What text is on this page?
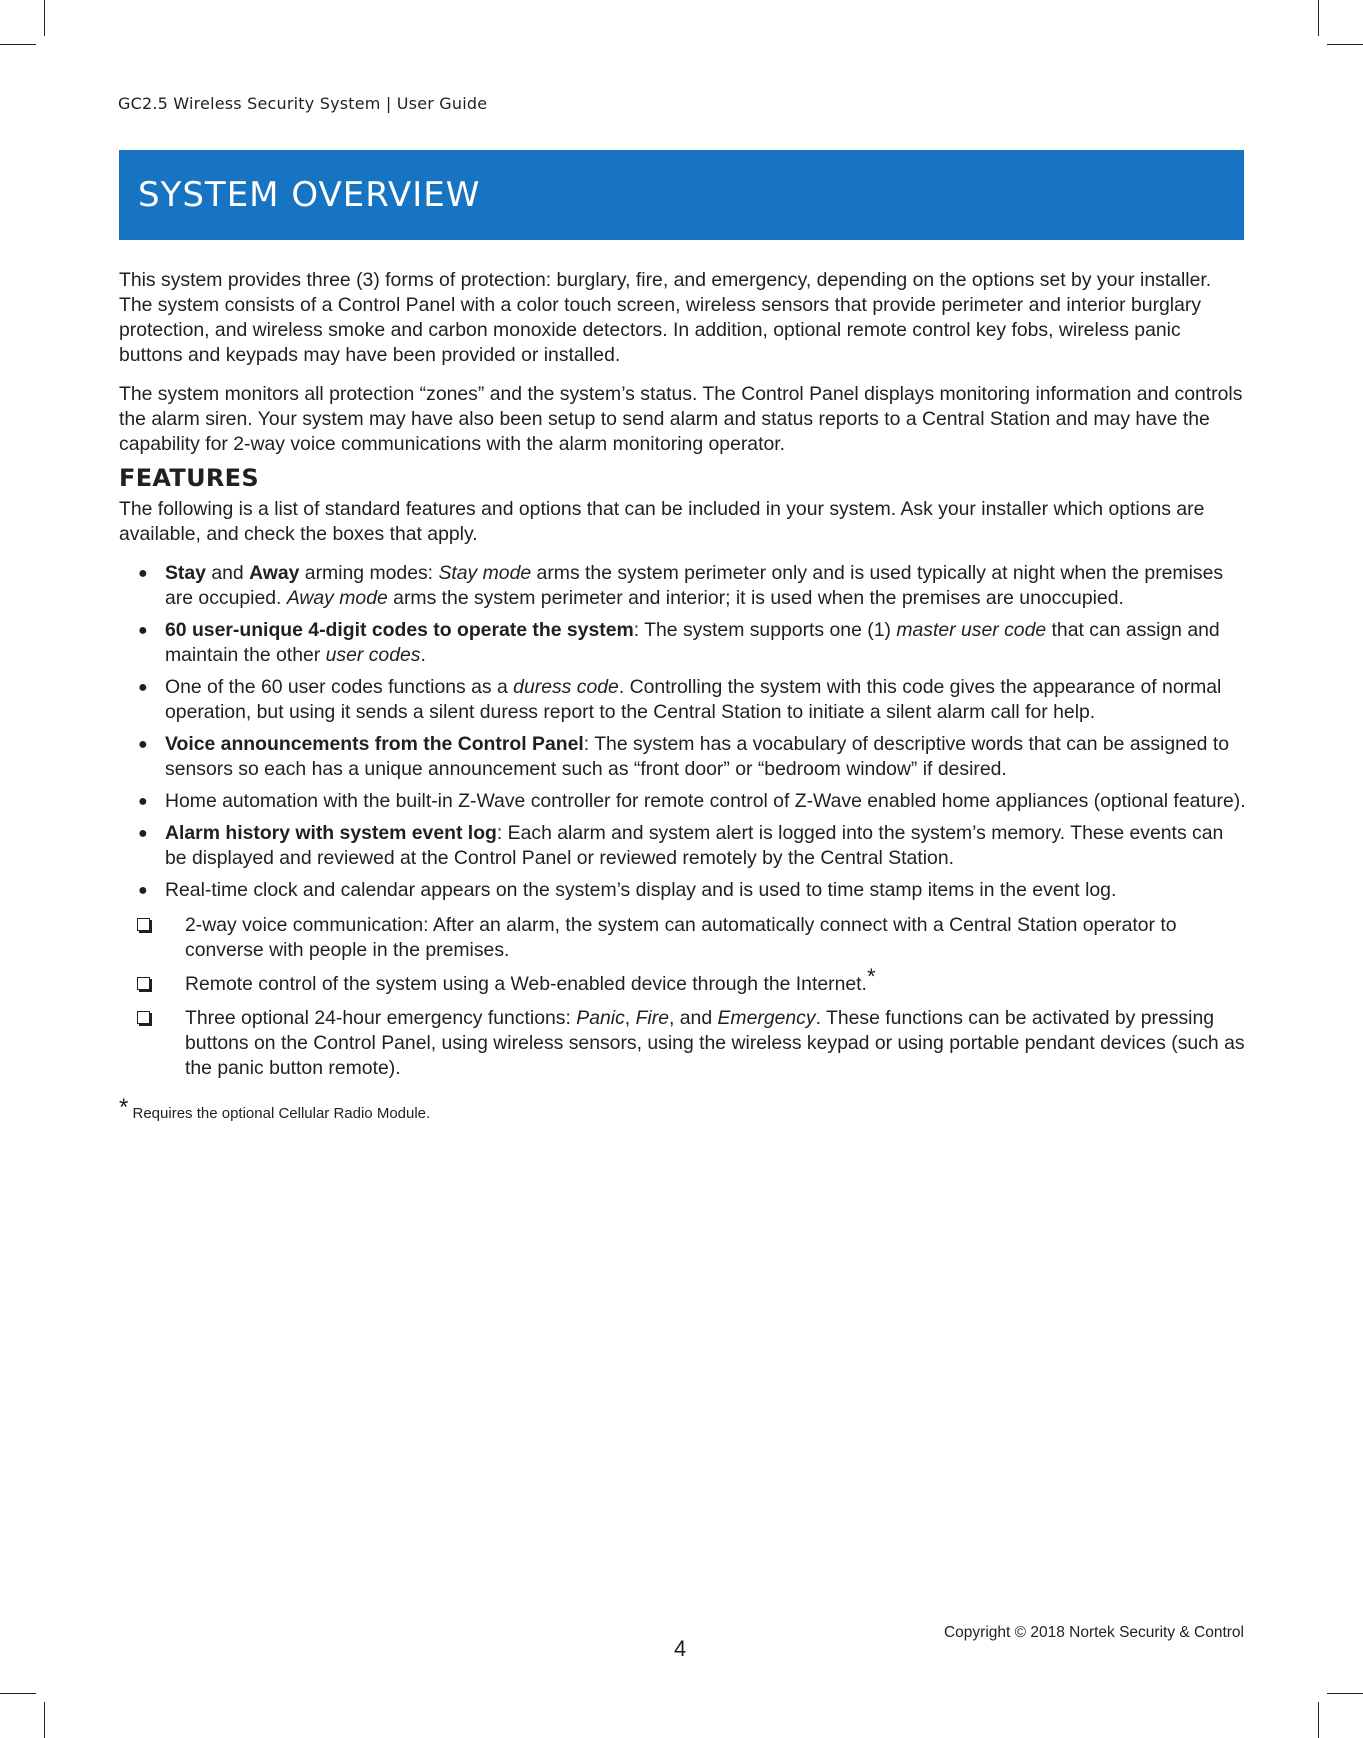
GC2.5 Wireless Security System | User Guide
SYSTEM OVERVIEW

This system provides three (3) forms of protection: burglary, fire, and emergency, depending on the options set by your installer. The system consists of a Control Panel with a color touch screen, wireless sensors that provide perimeter and interior burglary protection, and wireless smoke and carbon monoxide detectors. In addition, optional remote control key fobs, wireless panic buttons and keypads may have been provided or installed.

The system monitors all protection “zones” and the system’s status. The Control Panel displays monitoring information and controls the alarm siren. Your system may have also been setup to send alarm and status reports to a Central Station and may have the capability for 2-way voice communications with the alarm monitoring operator.

FEATURES

The following is a list of standard features and options that can be included in your system. Ask your installer which options are available, and check the boxes that apply.

● Stay and Away arming modes: Stay mode arms the system perimeter only and is used typically at night when the premises are occupied. Away mode arms the system perimeter and interior; it is used when the premises are unoccupied.
● 60 user-unique 4-digit codes to operate the system: The system supports one (1) master user code that can assign and maintain the other user codes.
● One of the 60 user codes functions as a duress code. Controlling the system with this code gives the appearance of normal operation, but using it sends a silent duress report to the Central Station to initiate a silent alarm call for help.
● Voice announcements from the Control Panel: The system has a vocabulary of descriptive words that can be assigned to sensors so each has a unique announcement such as “front door” or “bedroom window” if desired.
● Home automation with the built-in Z-Wave controller for remote control of Z-Wave enabled home appliances (optional feature).
● Alarm history with system event log: Each alarm and system alert is logged into the system’s memory. These events can be displayed and reviewed at the Control Panel or reviewed remotely by the Central Station.
● Real-time clock and calendar appears on the system’s display and is used to time stamp items in the event log.
2-way voice communication: After an alarm, the system can automatically connect with a Central Station operator to converse with people in the premises.
Remote control of the system using a Web-enabled device through the Internet.*
Three optional 24-hour emergency functions: Panic, Fire, and Emergency. These functions can be activated by pressing buttons on the Control Panel, using wireless sensors, using the wireless keypad or using portable pendant devices (such as the panic button remote).

* Requires the optional Cellular Radio Module.

4
Copyright © 2018 Nortek Security & Control
